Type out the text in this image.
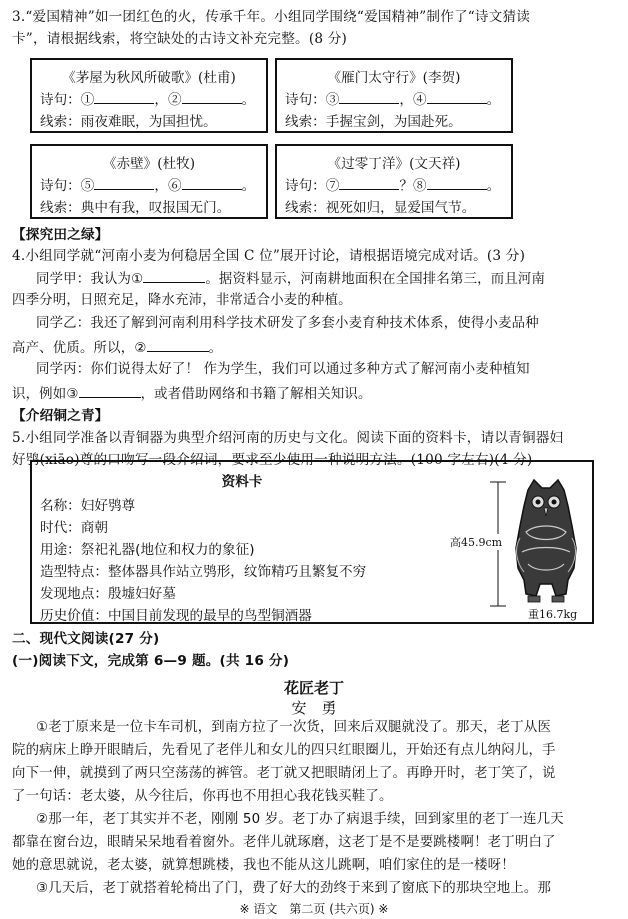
3.“爱国精神”如一团红色的火，传承千年。小组同学围绕“爱国精神”制作了“诗文猜读
卡”，请根据线索，将空缺处的古诗文补充完整。(8 分)
《茅屋为秋风所破歌》(杜甫)
诗句：①	，②	。
线索：雨夜难眠，为国担忧。
《雁门太守行》(李贺)
诗句：③	，④	。
线索：手握宝剑，为国赴死。
《赤壁》(杜牧)
诗句：⑤	，⑥	。
线索：典中有我，叹报国无门。
《过零丁洋》(文天祥)
诗句：⑦	？⑧	。
线索：视死如归，显爱国气节。
【探究田之绿】
4.小组同学就“河南小麦为何稳居全国 C 位”展开讨论，请根据语境完成对话。(3 分)
同学甲：我认为①	。据资料显示，河南耕地面积在全国排名第三，而且河南
四季分明，日照充足，降水充沛，非常适合小麦的种植。
同学乙：我还了解到河南利用科学技术研发了多套小麦育种技术体系，使得小麦品种
高产、优质。所以，②	。
同学丙：你们说得太好了！ 作为学生，我们可以通过多种方式了解河南小麦种植知
识，例如③	，或者借助网络和书籍了解相关知识。
【介绍铜之青】
5.小组同学准备以青铜器为典型介绍河南的历史与文化。阅读下面的资料卡，请以青铜器妇
好鸮(xiāo)尊的口吻写一段介绍词，要求至少使用一种说明方法。(100 字左右)(4 分)
资料卡
名称：妇好鸮尊
时代：商朝
用途：祭祀礼器(地位和权力的象征)
造型特点：整体器具作站立鸮形，纹饰精巧且繁复不穷
发现地点：殷墟妇好墓
历史价值：中国目前发现的最早的鸟型铜酒器
高45.9cm
重16.7kg
二、现代文阅读(27 分)
(一)阅读下文，完成第 6—9 题。(共 16 分)
花匠老丁
安　勇
①老丁原来是一位卡车司机，到南方拉了一次货，回来后双腿就没了。那天，老丁从医
院的病床上睁开眼睛后，先看见了老伴儿和女儿的四只红眼圈儿，开始还有点儿纳闷儿，手
向下一伸，就摸到了两只空荡荡的裤管。老丁就又把眼睛闭上了。再睁开时，老丁笑了，说
了一句话：老太婆，从今往后，你再也不用担心我花钱买鞋了。
②那一年，老丁其实并不老，刚刚 50 岁。老丁办了病退手续，回到家里的老丁一连几天
都靠在窗台边，眼睛呆呆地看着窗外。老伴儿就琢磨，这老丁是不是要跳楼啊！老丁明白了
她的意思就说，老太婆，就算想跳楼，我也不能从这儿跳啊，咱们家住的是一楼呀！
③几天后，老丁就搭着轮椅出了门，费了好大的劲终于来到了窗底下的那块空地上。那
※ 语文　第二页 (共六页) ※
